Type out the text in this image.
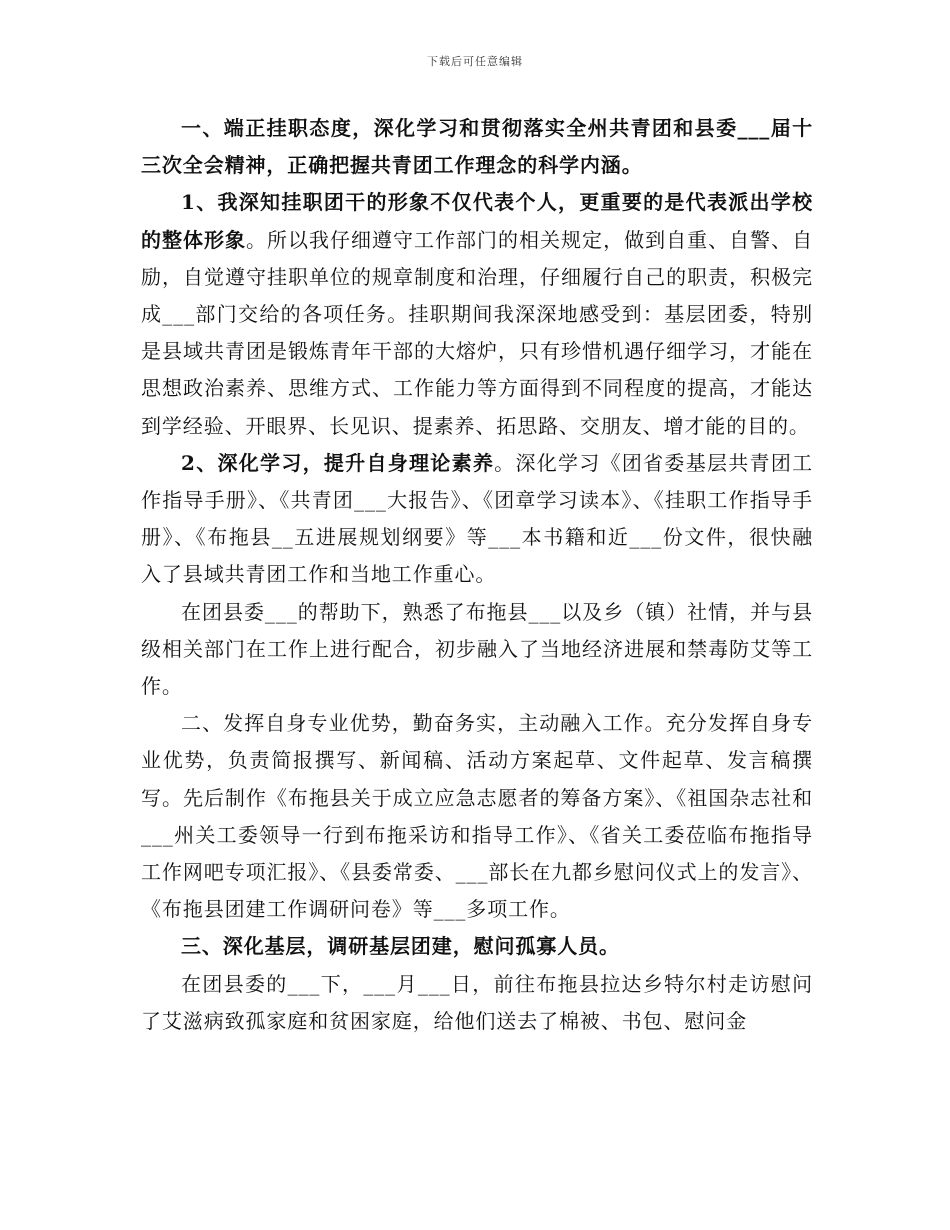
下载后可任意编辑

一、端正挂职态度，深化学习和贯彻落实全州共青团和县委___届十三次全会精神，正确把握共青团工作理念的科学内涵。

1、我深知挂职团干的形象不仅代表个人，更重要的是代表派出学校的整体形象。所以我仔细遵守工作部门的相关规定，做到自重、自警、自励，自觉遵守挂职单位的规章制度和治理，仔细履行自己的职责，积极完成___部门交给的各项任务。挂职期间我深深地感受到：基层团委，特别是县域共青团是锻炼青年干部的大熔炉，只有珍惜机遇仔细学习，才能在思想政治素养、思维方式、工作能力等方面得到不同程度的提高，才能达到学经验、开眼界、长见识、提素养、拓思路、交朋友、增才能的目的。

2、深化学习，提升自身理论素养。深化学习《团省委基层共青团工作指导手册》、《共青团___大报告》、《团章学习读本》、《挂职工作指导手册》、《布拖县__五进展规划纲要》等___本书籍和近___份文件，很快融入了县域共青团工作和当地工作重心。

在团县委___的帮助下，熟悉了布拖县___以及乡（镇）社情，并与县级相关部门在工作上进行配合，初步融入了当地经济进展和禁毒防艾等工作。

二、发挥自身专业优势，勤奋务实，主动融入工作。充分发挥自身专业优势，负责简报撰写、新闻稿、活动方案起草、文件起草、发言稿撰写。先后制作《布拖县关于成立应急志愿者的筹备方案》、《祖国杂志社和___州关工委领导一行到布拖采访和指导工作》、《省关工委莅临布拖指导工作网吧专项汇报》、《县委常委、___部长在九都乡慰问仪式上的发言》、《布拖县团建工作调研问卷》等___多项工作。

三、深化基层，调研基层团建，慰问孤寡人员。

在团县委的___下，___月___日，前往布拖县拉达乡特尔村走访慰问了艾滋病致孤家庭和贫困家庭，给他们送去了棉被、书包、慰问金
